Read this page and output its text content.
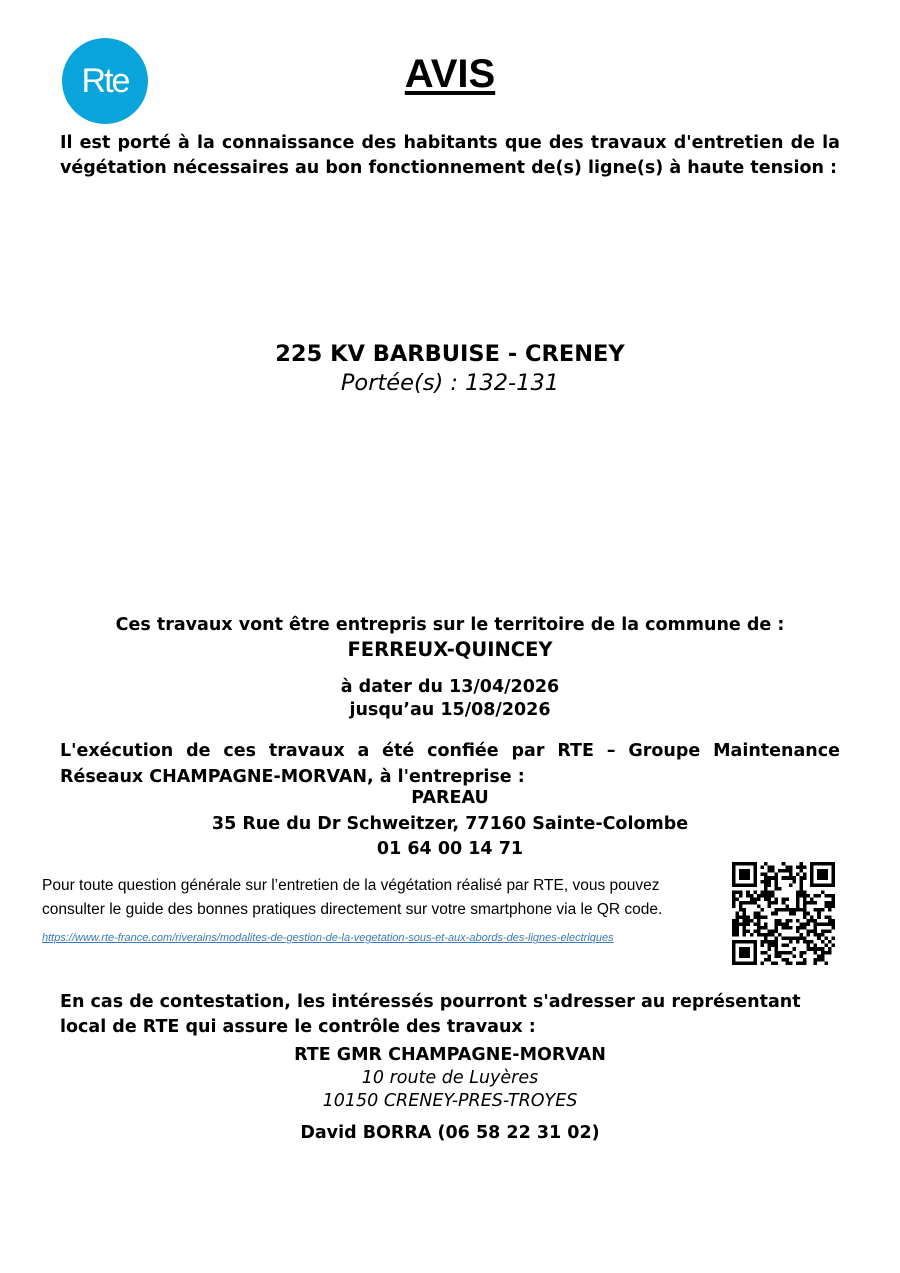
Rte	AVIS
Il est porté à la connaissance des habitants que des travaux d'entretien de la végétation nécessaires au bon fonctionnement de(s) ligne(s) à haute tension :
225 KV BARBUISE - CRENEY
Portée(s) : 132-131
Ces travaux vont être entrepris sur le territoire de la commune de :
FERREUX-QUINCEY
à dater du 13/04/2026
jusqu’au 15/08/2026
L'exécution de ces travaux a été confiée par RTE – Groupe Maintenance Réseaux CHAMPAGNE-MORVAN, à l'entreprise :
PAREAU
35 Rue du Dr Schweitzer, 77160 Sainte-Colombe
01 64 00 14 71
Pour toute question générale sur l’entretien de la végétation réalisé par RTE, vous pouvez consulter le guide des bonnes pratiques directement sur votre smartphone via le QR code.
https://www.rte-france.com/riverains/modalites-de-gestion-de-la-vegetation-sous-et-aux-abords-des-lignes-electriques
En cas de contestation, les intéressés pourront s'adresser au représentant local de RTE qui assure le contrôle des travaux :
RTE GMR CHAMPAGNE-MORVAN
10 route de Luyères
10150 CRENEY-PRES-TROYES
David BORRA (06 58 22 31 02)
